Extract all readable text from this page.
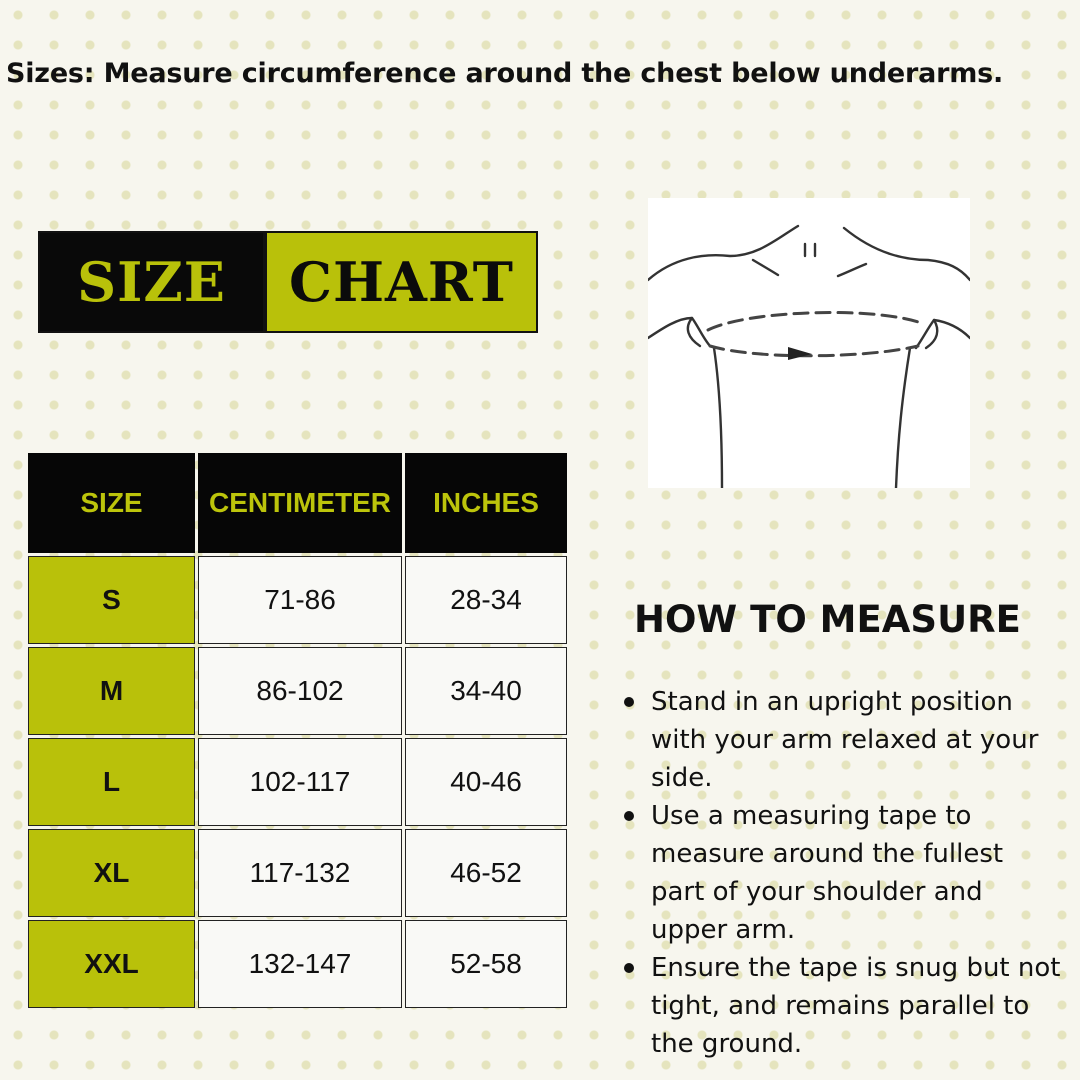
Sizes: Measure circumference around the chest below underarms.
SIZE	CHART
SIZE	CENTIMETER	INCHES
S	71-86	28-34
M	86-102	34-40
L	102-117	40-46
XL	117-132	46-52
XXL	132-147	52-58
HOW TO MEASURE
Stand in an upright position with your arm relaxed at your side.
Use a measuring tape to measure around the fullest part of your shoulder and upper arm.
Ensure the tape is snug but not tight, and remains parallel to the ground.
